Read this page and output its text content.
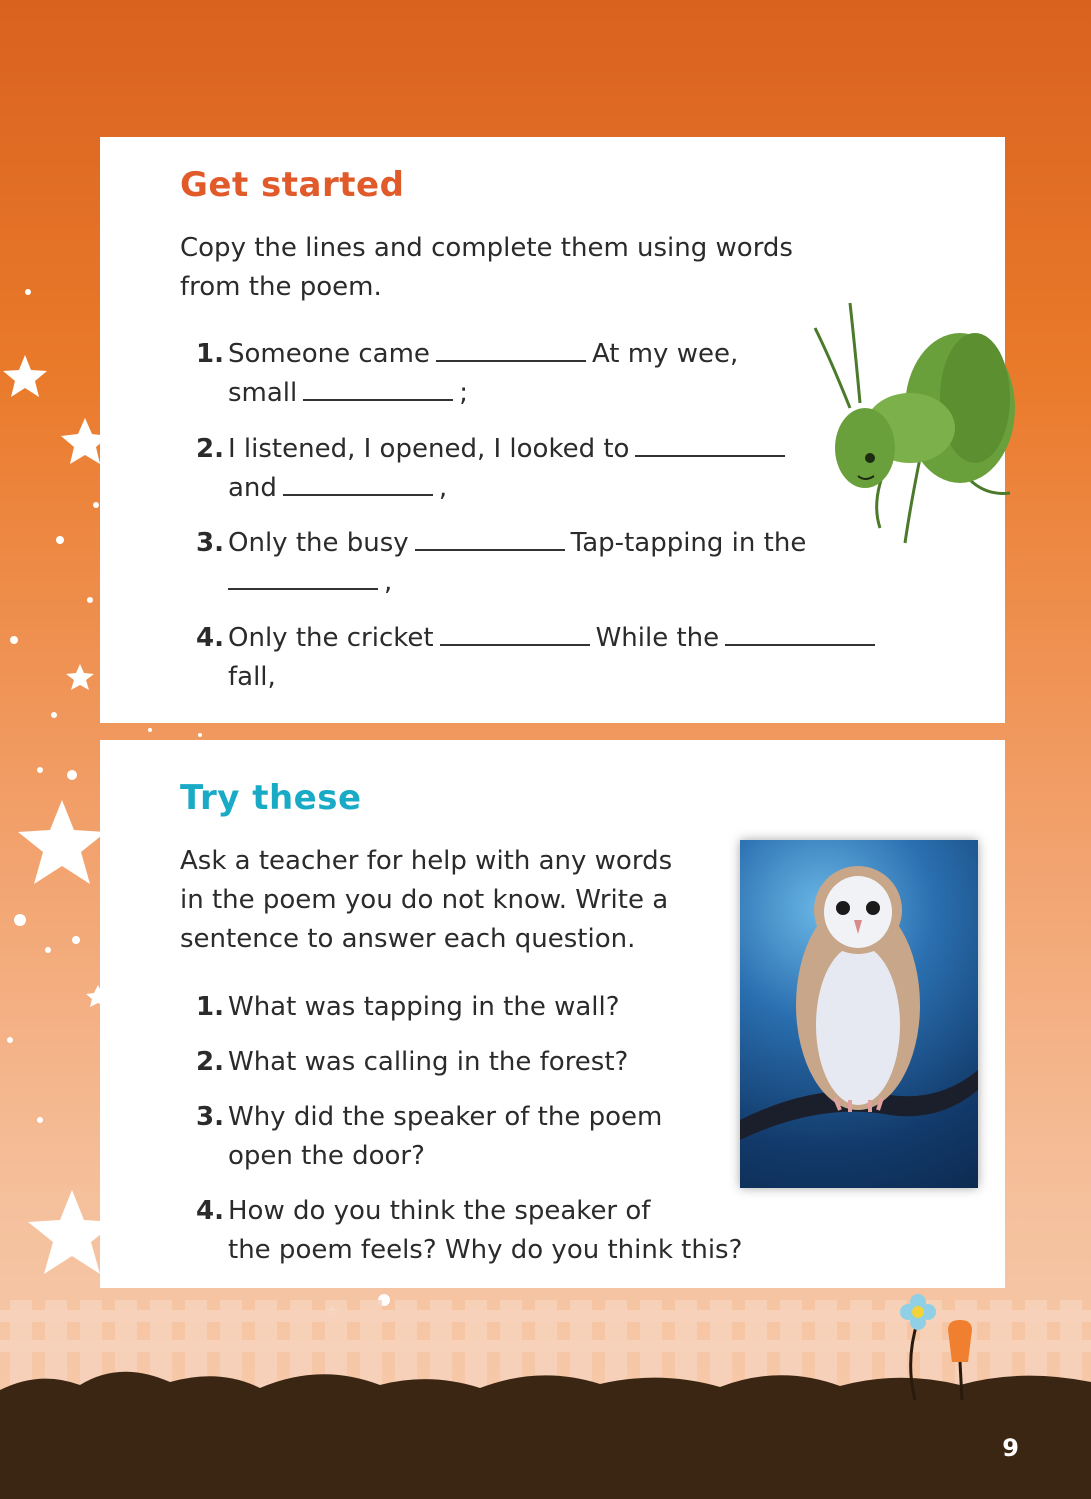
Get started
Copy the lines and complete them using words from the poem.
1. Someone came	At my wee,
small	;
2. I listened, I opened, I looked to
and	,
3. Only the busy	Tap-tapping in the
,
4. Only the cricket	While the
fall,
Try these
Ask a teacher for help with any words in the poem you do not know. Write a sentence to answer each question.
1. What was tapping in the wall?
2. What was calling in the forest?
3. Why did the speaker of the poem
open the door?
4. How do you think the speaker of
the poem feels? Why do you think this?
9
